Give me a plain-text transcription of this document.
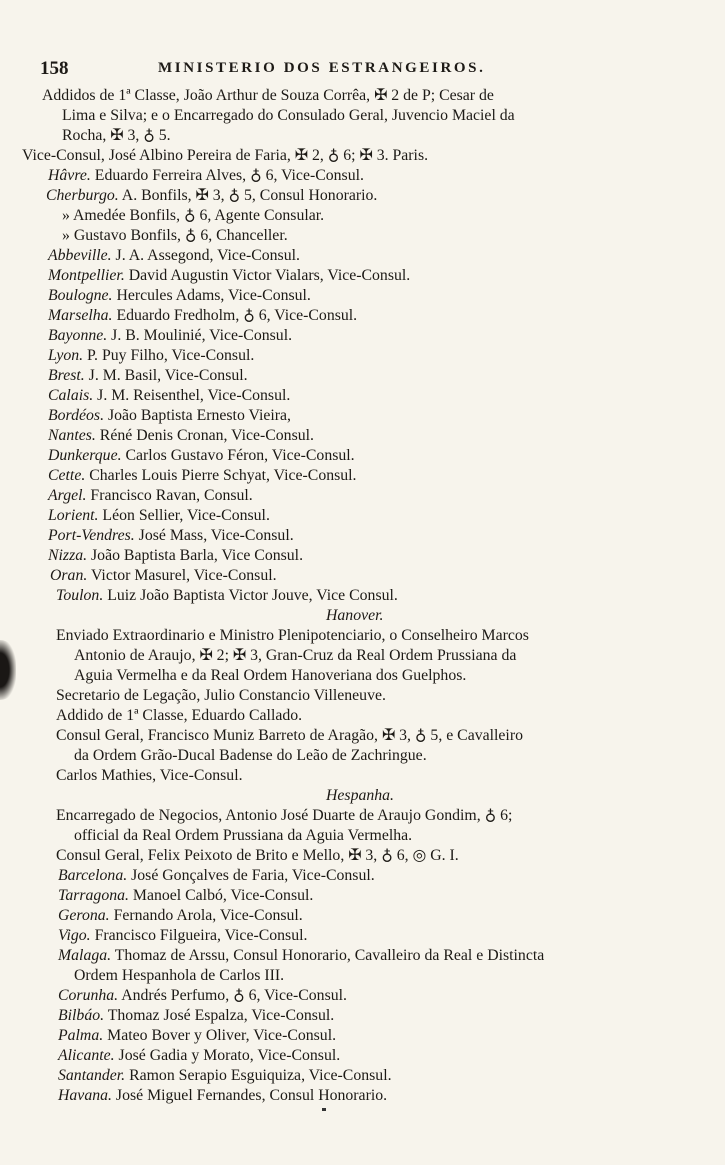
158	MINISTERIO DOS ESTRANGEIROS.
Addidos de 1ª Classe, João Arthur de Souza Corrêa, ✠ 2 de P; Cesar de
Lima e Silva; e o Encarregado do Consulado Geral, Juvencio Maciel da
Rocha, ✠ 3, ♁ 5.
Vice-Consul, José Albino Pereira de Faria, ✠ 2, ♁ 6; ✠ 3. Paris.
Hâvre. Eduardo Ferreira Alves, ♁ 6, Vice-Consul.
Cherburgo. A. Bonfils, ✠ 3, ♁ 5, Consul Honorario.
» Amedée Bonfils, ♁ 6, Agente Consular.
» Gustavo Bonfils, ♁ 6, Chanceller.
Abbeville. J. A. Assegond, Vice-Consul.
Montpellier. David Augustin Victor Vialars, Vice-Consul.
Boulogne. Hercules Adams, Vice-Consul.
Marselha. Eduardo Fredholm, ♁ 6, Vice-Consul.
Bayonne. J. B. Moulinié, Vice-Consul.
Lyon. P. Puy Filho, Vice-Consul.
Brest. J. M. Basil, Vice-Consul.
Calais. J. M. Reisenthel, Vice-Consul.
Bordéos. João Baptista Ernesto Vieira,
Nantes. Réné Denis Cronan, Vice-Consul.
Dunkerque. Carlos Gustavo Féron, Vice-Consul.
Cette. Charles Louis Pierre Schyat, Vice-Consul.
Argel. Francisco Ravan, Consul.
Lorient. Léon Sellier, Vice-Consul.
Port-Vendres. José Mass, Vice-Consul.
Nizza. João Baptista Barla, Vice Consul.
Oran. Victor Masurel, Vice-Consul.
Toulon. Luiz João Baptista Victor Jouve, Vice Consul.
Hanover.
Enviado Extraordinario e Ministro Plenipotenciario, o Conselheiro Marcos
Antonio de Araujo, ✠ 2; ✠ 3, Gran-Cruz da Real Ordem Prussiana da
Aguia Vermelha e da Real Ordem Hanoveriana dos Guelphos.
Secretario de Legação, Julio Constancio Villeneuve.
Addido de 1ª Classe, Eduardo Callado.
Consul Geral, Francisco Muniz Barreto de Aragão, ✠ 3, ♁ 5, e Cavalleiro
da Ordem Grão-Ducal Badense do Leão de Zachringue.
Carlos Mathies, Vice-Consul.
Hespanha.
Encarregado de Negocios, Antonio José Duarte de Araujo Gondim, ♁ 6;
official da Real Ordem Prussiana da Aguia Vermelha.
Consul Geral, Felix Peixoto de Brito e Mello, ✠ 3, ♁ 6, ◎ G. I.
Barcelona. José Gonçalves de Faria, Vice-Consul.
Tarragona. Manoel Calbó, Vice-Consul.
Gerona. Fernando Arola, Vice-Consul.
Vigo. Francisco Filgueira, Vice-Consul.
Malaga. Thomaz de Arssu, Consul Honorario, Cavalleiro da Real e Distincta
Ordem Hespanhola de Carlos III.
Corunha. Andrés Perfumo, ♁ 6, Vice-Consul.
Bilbáo. Thomaz José Espalza, Vice-Consul.
Palma. Mateo Bover y Oliver, Vice-Consul.
Alicante. José Gadia y Morato, Vice-Consul.
Santander. Ramon Serapio Esguiquiza, Vice-Consul.
Havana. José Miguel Fernandes, Consul Honorario.
